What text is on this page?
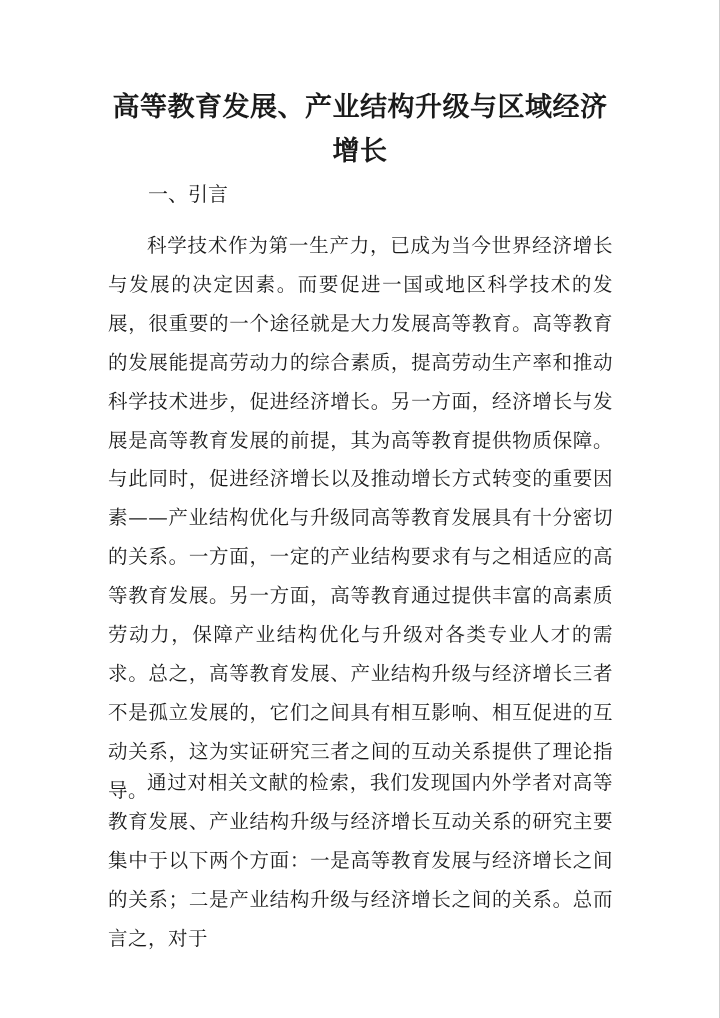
高等教育发展、产业结构升级与区域经济增长

一、引言

科学技术作为第一生产力，已成为当今世界经济增长与发展的决定因素。而要促进一国或地区科学技术的发展，很重要的一个途径就是大力发展高等教育。高等教育的发展能提高劳动力的综合素质，提高劳动生产率和推动科学技术进步，促进经济增长。另一方面，经济增长与发展是高等教育发展的前提，其为高等教育提供物质保障。与此同时，促进经济增长以及推动增长方式转变的重要因素——产业结构优化与升级同高等教育发展具有十分密切的关系。一方面，一定的产业结构要求有与之相适应的高等教育发展。另一方面，高等教育通过提供丰富的高素质劳动力，保障产业结构优化与升级对各类专业人才的需求。总之，高等教育发展、产业结构升级与经济增长三者不是孤立发展的，它们之间具有相互影响、相互促进的互动关系，这为实证研究三者之间的互动关系提供了理论指导。

通过对相关文献的检索，我们发现国内外学者对高等教育发展、产业结构升级与经济增长互动关系的研究主要集中于以下两个方面：一是高等教育发展与经济增长之间的关系；二是产业结构升级与经济增长之间的关系。总而言之，对于
